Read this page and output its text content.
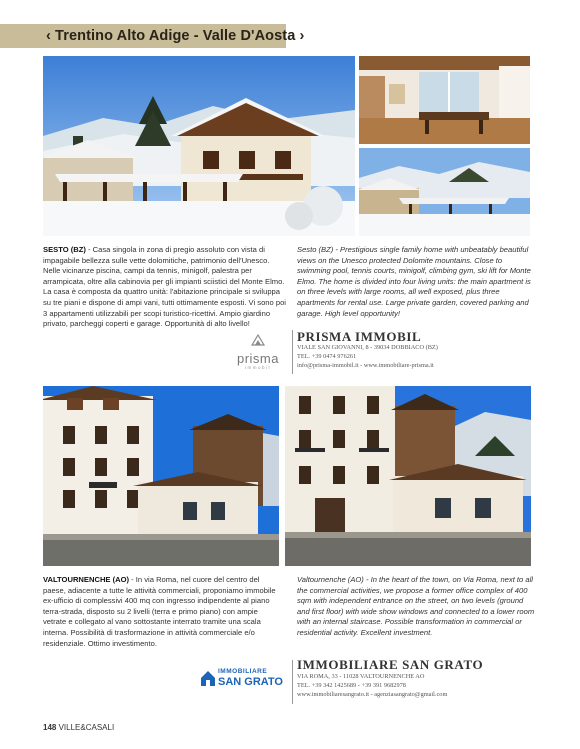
‹ Trentino Alto Adige - Valle D'Aosta ›
SESTO (BZ) - Casa singola in zona di pregio assoluto con vista di impagabile bellezza sulle vette dolomitiche, patrimonio dell'Unesco. Nelle vicinanze piscina, campi da tennis, minigolf, palestra per arrampicata, oltre alla cabinovia per gli impianti sciistici del Monte Elmo. La casa è composta da quattro unità: l'abitazione principale si sviluppa su tre piani e dispone di ampi vani, tutti ottimamente esposti. Vi sono poi 3 appartamenti utilizzabili per scopi turistico-ricettivi. Ampio giardino privato, parcheggi coperti e garage. Opportunità di alto livello!
Sesto (BZ) - Prestigious single family home with unbeatably beautiful views on the Unesco protected Dolomite mountains. Close to swimming pool, tennis courts, minigolf, climbing gym, ski lift for Monte Elmo. The home is divided into four living units: the main apartment is on three levels with large rooms, all well exposed, plus three apartments for rental use. Large private garden, covered parking and garage. High level opportunity!
prisma
immobil
PRISMA IMMOBIL
VIALE SAN GIOVANNI, 8 - 39034 DOBBIACO (BZ)
TEL. +39 0474 976261
info@prisma-immobil.it - www.immobiliare-prisma.it
VALTOURNENCHE (AO) - In via Roma, nel cuore del centro del paese, adiacente a tutte le attività commerciali, proponiamo immobile ex-ufficio di complessivi 400 mq con ingresso indipendente al piano terra-strada, disposto su 2 livelli (terra e primo piano) con ampie vetrate e collegato al vano sottostante interrato tramite una scala interna. Possibilità di trasformazione in attività commerciale e/o residenziale. Ottimo investimento.
Valtournenche (AO) - In the heart of the town, on Via Roma, next to all the commercial activities, we propose a former office complex of 400 sqm with independent entrance on the street, on two levels (ground and first floor) with wide show windows and connected to a lower room with an internal staircase. Possible transformation in commercial or residential activity. Excellent investment.
IMMOBILIARE
SAN GRATO
IMMOBILIARE SAN GRATO
VIA ROMA, 33 - 11028 VALTOURNENCHE AO
TEL. +39 342 1425689 - +39 391 9682978
www.immobiliaresangrato.it - agenziasangrato@gmail.com
148 VILLE&CASALI
